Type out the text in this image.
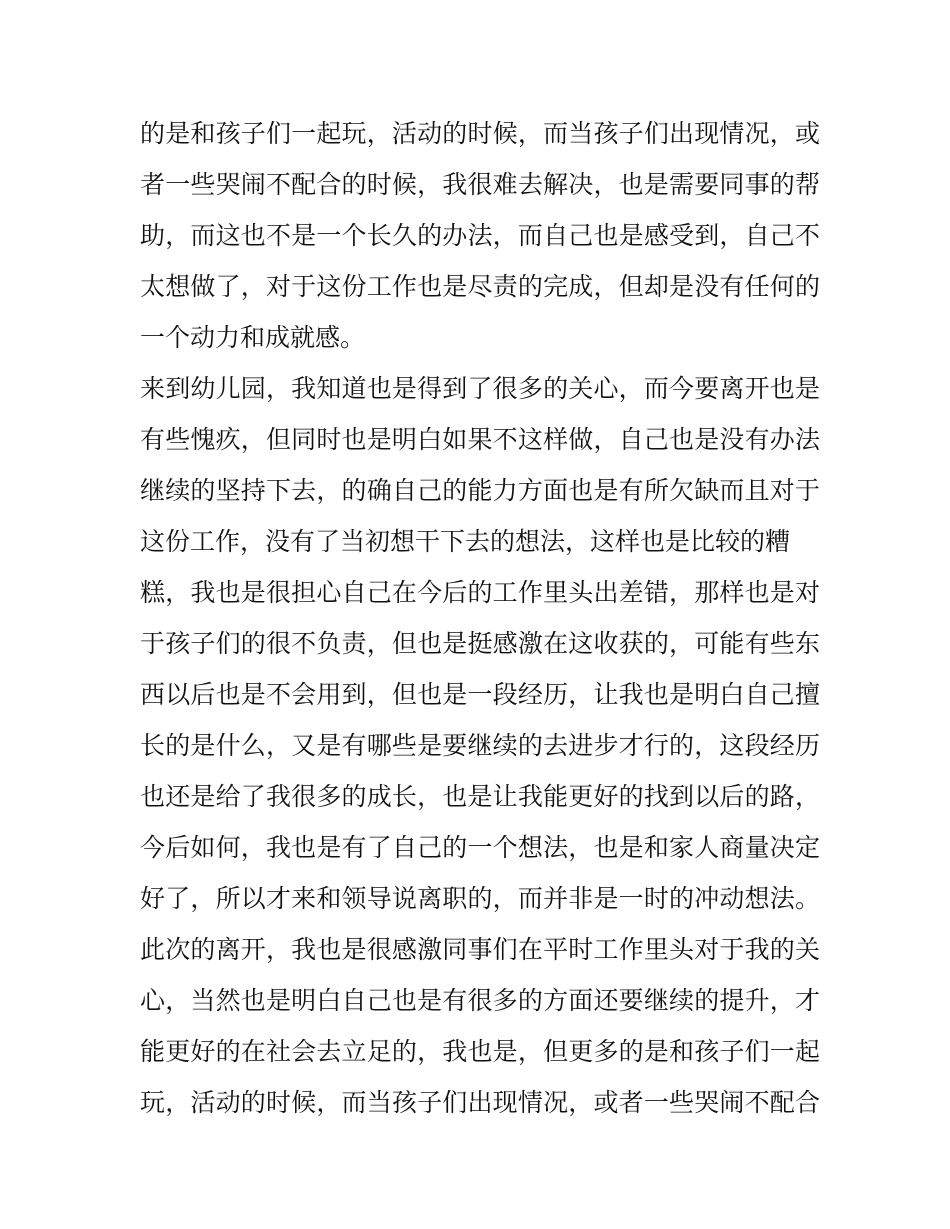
的是和孩子们一起玩，活动的时候，而当孩子们出现情况，或
者一些哭闹不配合的时候，我很难去解决，也是需要同事的帮
助，而这也不是一个长久的办法，而自己也是感受到，自己不
太想做了，对于这份工作也是尽责的完成，但却是没有任何的
一个动力和成就感。
来到幼儿园，我知道也是得到了很多的关心，而今要离开也是
有些愧疚，但同时也是明白如果不这样做，自己也是没有办法
继续的坚持下去，的确自己的能力方面也是有所欠缺而且对于
这份工作，没有了当初想干下去的想法，这样也是比较的糟
糕，我也是很担心自己在今后的工作里头出差错，那样也是对
于孩子们的很不负责，但也是挺感激在这收获的，可能有些东
西以后也是不会用到，但也是一段经历，让我也是明白自己擅
长的是什么，又是有哪些是要继续的去进步才行的，这段经历
也还是给了我很多的成长，也是让我能更好的找到以后的路，
今后如何，我也是有了自己的一个想法，也是和家人商量决定
好了，所以才来和领导说离职的，而并非是一时的冲动想法。
此次的离开，我也是很感激同事们在平时工作里头对于我的关
心，当然也是明白自己也是有很多的方面还要继续的提升，才
能更好的在社会去立足的，我也是，但更多的是和孩子们一起
玩，活动的时候，而当孩子们出现情况，或者一些哭闹不配合
